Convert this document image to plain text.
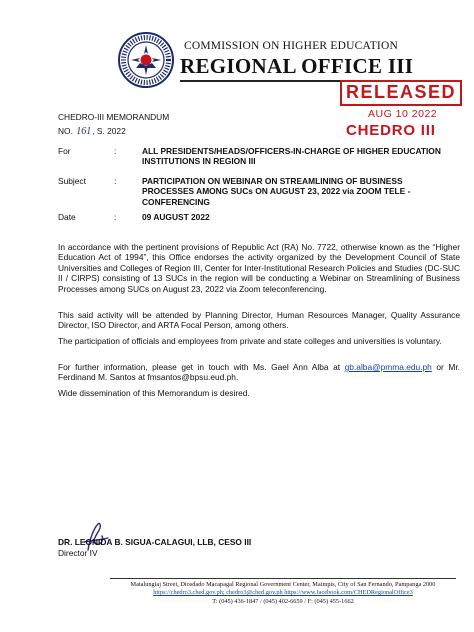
COMMISSION ON HIGHER EDUCATION
REGIONAL OFFICE III
RELEASED
AUG 10 2022
CHEDRO III
CHEDRO-III MEMORANDUM
NO. 161, S. 2022
For	:	ALL PRESIDENTS/HEADS/OFFICERS-IN-CHARGE OF HIGHER EDUCATION INSTITUTIONS IN REGION III
Subject	:	PARTICIPATION ON WEBINAR ON STREAMLINING OF BUSINESS PROCESSES AMONG SUCs ON AUGUST 23, 2022 via ZOOM TELE -CONFERENCING
Date	:	09 AUGUST 2022
In accordance with the pertinent provisions of Republic Act (RA) No. 7722, otherwise known as the “Higher Education Act of 1994”, this Office endorses the activity organized by the Development Council of State Universities and Colleges of Region III, Center for Inter-Institutional Research Policies and Studies (DC-SUC II / CIRPS) consisting of 13 SUCs in the region will be conducting a Webinar on Streamlining of Business Processes among SUCs on August 23, 2022 via Zoom teleconferencing.
This said activity will be attended by Planning Director, Human Resources Manager, Quality Assurance Director, ISO Director, and ARTA Focal Person, among others.
The participation of officials and employees from private and state colleges and universities is voluntary.
For further information, please get in touch with Ms. Gael Ann Alba at gb.alba@pmma.edu.ph or Mr. Ferdinand M. Santos at fmsantos@bpsu.eud.ph.
Wide dissemination of this Memorandum is desired.
DR. LEONIDA B. SIGUA-CALAGUI, LLB, CESO III
Director IV
Matalungiaj Street, Diosdado Macapagal Regional Government Center, Maimpis, City of San Fernando, Pampanga 2000
https://chedro3.ched.gov.ph; chedro3@ched.gov.ph https://www.facebook.com/CHEDRegionalOffice3
T: (045) 436-1847 / (045) 402-6659 / F: (045) 455-1662
